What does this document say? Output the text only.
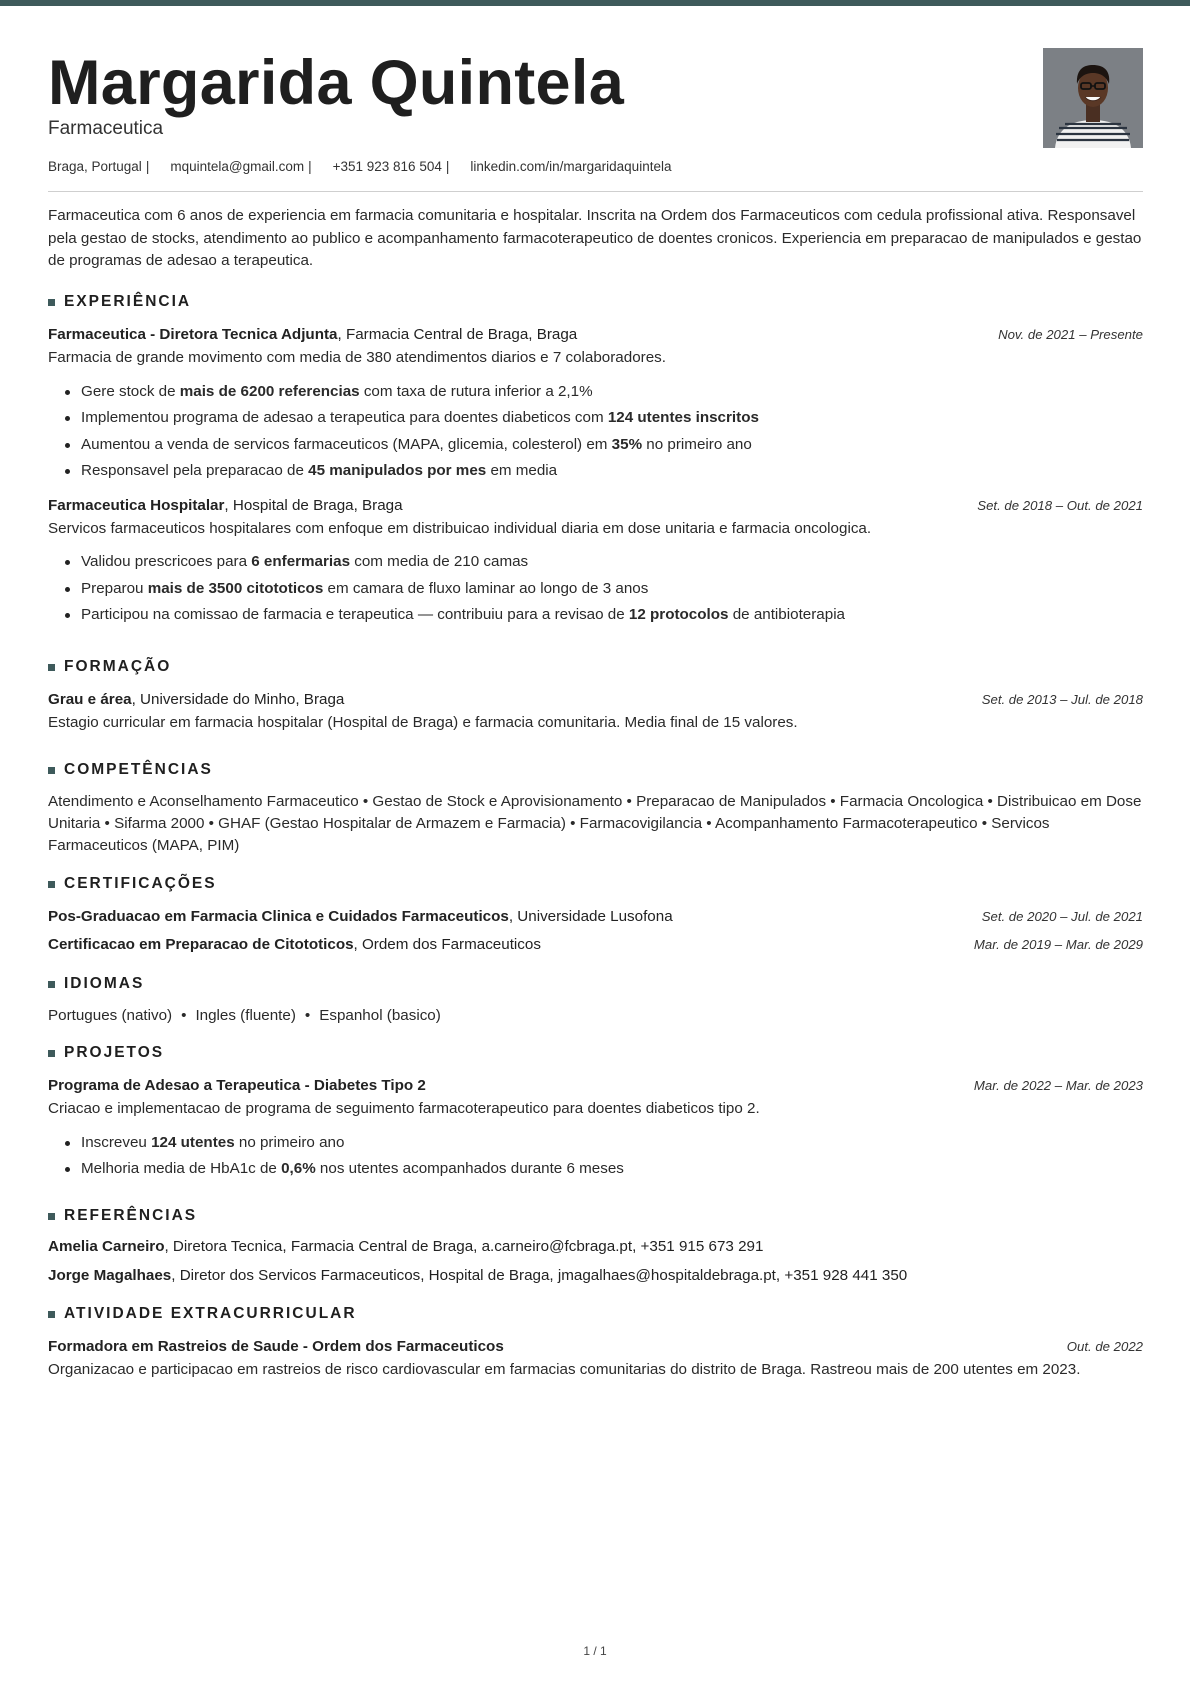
Margarida Quintela
Farmaceutica
Braga, Portugal | mquintela@gmail.com | +351 923 816 504 | linkedin.com/in/margaridaquintela
Farmaceutica com 6 anos de experiencia em farmacia comunitaria e hospitalar. Inscrita na Ordem dos Farmaceuticos com cedula profissional ativa. Responsavel pela gestao de stocks, atendimento ao publico e acompanhamento farmacoterapeutico de doentes cronicos. Experiencia em preparacao de manipulados e gestao de programas de adesao a terapeutica.
EXPERIÊNCIA
Farmaceutica - Diretora Tecnica Adjunta, Farmacia Central de Braga, Braga	Nov. de 2021 – Presente
Farmacia de grande movimento com media de 380 atendimentos diarios e 7 colaboradores.
Gere stock de mais de 6200 referencias com taxa de rutura inferior a 2,1%
Implementou programa de adesao a terapeutica para doentes diabeticos com 124 utentes inscritos
Aumentou a venda de servicos farmaceuticos (MAPA, glicemia, colesterol) em 35% no primeiro ano
Responsavel pela preparacao de 45 manipulados por mes em media
Farmaceutica Hospitalar, Hospital de Braga, Braga	Set. de 2018 – Out. de 2021
Servicos farmaceuticos hospitalares com enfoque em distribuicao individual diaria em dose unitaria e farmacia oncologica.
Validou prescricoes para 6 enfermarias com media de 210 camas
Preparou mais de 3500 citototicos em camara de fluxo laminar ao longo de 3 anos
Participou na comissao de farmacia e terapeutica — contribuiu para a revisao de 12 protocolos de antibioterapia
FORMAÇÃO
Grau e área, Universidade do Minho, Braga	Set. de 2013 – Jul. de 2018
Estagio curricular em farmacia hospitalar (Hospital de Braga) e farmacia comunitaria. Media final de 15 valores.
COMPETÊNCIAS
Atendimento e Aconselhamento Farmaceutico • Gestao de Stock e Aprovisionamento • Preparacao de Manipulados • Farmacia Oncologica • Distribuicao em Dose Unitaria • Sifarma 2000 • GHAF (Gestao Hospitalar de Armazem e Farmacia) • Farmacovigilancia • Acompanhamento Farmacoterapeutico • Servicos Farmaceuticos (MAPA, PIM)
CERTIFICAÇÕES
Pos-Graduacao em Farmacia Clinica e Cuidados Farmaceuticos, Universidade Lusofona	Set. de 2020 – Jul. de 2021
Certificacao em Preparacao de Citototicos, Ordem dos Farmaceuticos	Mar. de 2019 – Mar. de 2029
IDIOMAS
Portugues (nativo) • Ingles (fluente) • Espanhol (basico)
PROJETOS
Programa de Adesao a Terapeutica - Diabetes Tipo 2	Mar. de 2022 – Mar. de 2023
Criacao e implementacao de programa de seguimento farmacoterapeutico para doentes diabeticos tipo 2.
Inscreveu 124 utentes no primeiro ano
Melhoria media de HbA1c de 0,6% nos utentes acompanhados durante 6 meses
REFERÊNCIAS
Amelia Carneiro, Diretora Tecnica, Farmacia Central de Braga, a.carneiro@fcbraga.pt, +351 915 673 291
Jorge Magalhaes, Diretor dos Servicos Farmaceuticos, Hospital de Braga, jmagalhaes@hospitaldebraga.pt, +351 928 441 350
ATIVIDADE EXTRACURRICULAR
Formadora em Rastreios de Saude - Ordem dos Farmaceuticos	Out. de 2022
Organizacao e participacao em rastreios de risco cardiovascular em farmacias comunitarias do distrito de Braga. Rastreou mais de 200 utentes em 2023.
1 / 1
